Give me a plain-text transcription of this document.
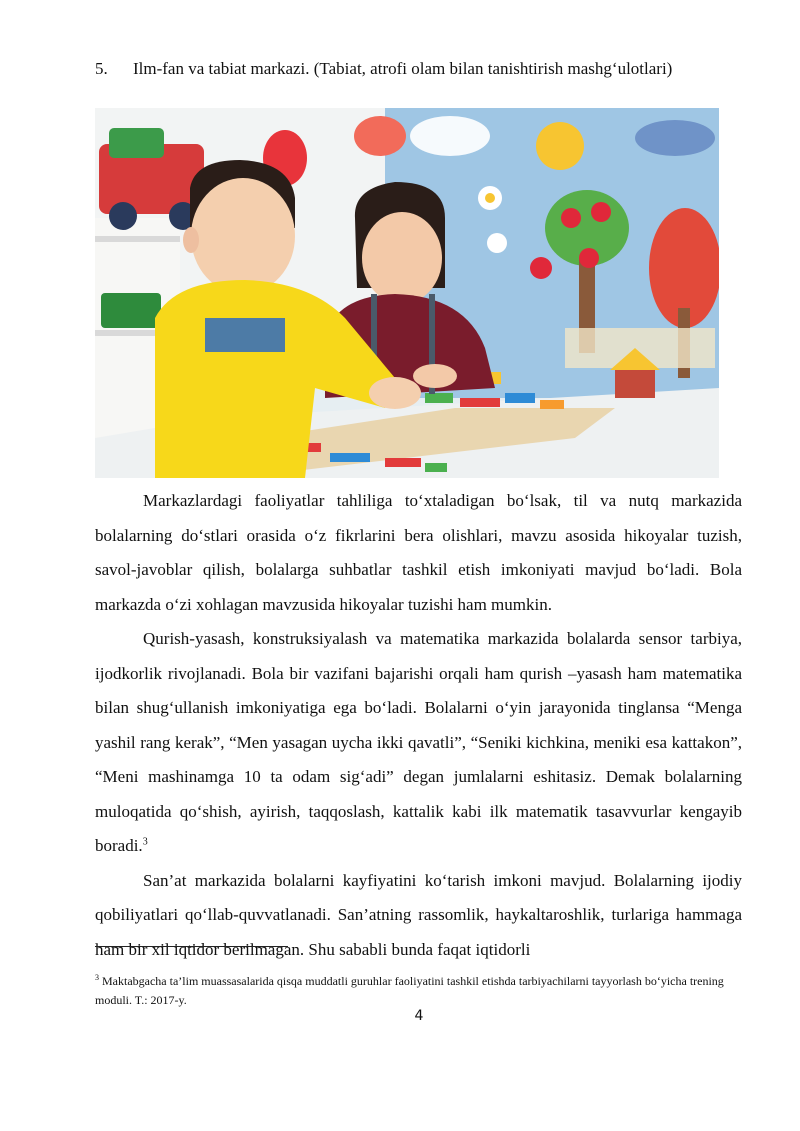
5. Ilm-fan va tabiat markazi. (Tabiat, atrofi olam bilan tanishtirish mashg‘ulotlari)

Markazlardagi faoliyatlar tahliliga to‘xtaladigan bo‘lsak, til va nutq markazida bolalarning do‘stlari orasida o‘z fikrlarini bera olishlari, mavzu asosida hikoyalar tuzish, savol-javoblar qilish, bolalarga suhbatlar tashkil etish imkoniyati mavjud bo‘ladi. Bola markazda o‘zi xohlagan mavzusida hikoyalar tuzishi ham mumkin.

Qurish-yasash, konstruksiyalash va matematika markazida bolalarda sensor tarbiya, ijodkorlik rivojlanadi. Bola bir vazifani bajarishi orqali ham qurish –yasash ham matematika bilan shug‘ullanish imkoniyatiga ega bo‘ladi. Bolalarni o‘yin jarayonida tinglansa “Menga yashil rang kerak”, “Men yasagan uycha ikki qavatli”, “Seniki kichkina, meniki esa kattakon”, “Meni mashinamga 10 ta odam sig‘adi” degan jumlalarni eshitasiz. Demak bolalarning muloqatida qo‘shish, ayirish, taqqoslash, kattalik kabi ilk matematik tasavvurlar kengayib boradi.$^3$

San’at markazida bolalarni kayfiyatini ko‘tarish imkoni mavjud. Bolalarning ijodiy qobiliyatlari qo‘llab-quvvatlanadi. San’atning rassomlik, haykaltaroshlik, turlariga hammaga ham bir xil iqtidor berilmagan. Shu sababli bunda faqat iqtidorli

$^3$ Maktabgacha ta’lim muassasalarida qisqa muddatli guruhlar faoliyatini tashkil etishda tarbiyachilarni tayyorlash bo‘yicha trening moduli. T.: 2017-y.
4
